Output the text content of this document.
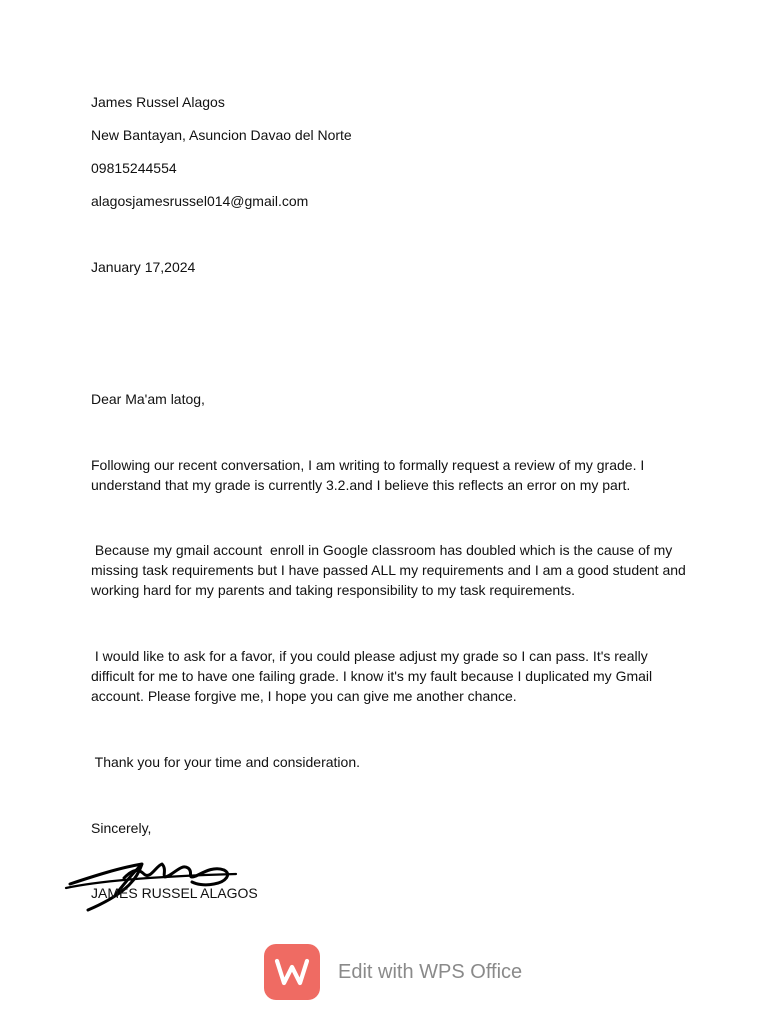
James Russel Alagos
New Bantayan, Asuncion Davao del Norte
09815244554
alagosjamesrussel014@gmail.com
January 17,2024
Dear Ma'am latog,
Following our recent conversation, I am writing to formally request a review of my grade. I understand that my grade is currently 3.2.and I believe this reflects an error on my part.
Because my gmail account  enroll in Google classroom has doubled which is the cause of my missing task requirements but I have passed ALL my requirements and I am a good student and working hard for my parents and taking responsibility to my task requirements.
I would like to ask for a favor, if you could please adjust my grade so I can pass. It's really difficult for me to have one failing grade. I know it's my fault because I duplicated my Gmail account. Please forgive me, I hope you can give me another chance.
Thank you for your time and consideration.
Sincerely,
JAMES RUSSEL ALAGOS
Edit with WPS Office
